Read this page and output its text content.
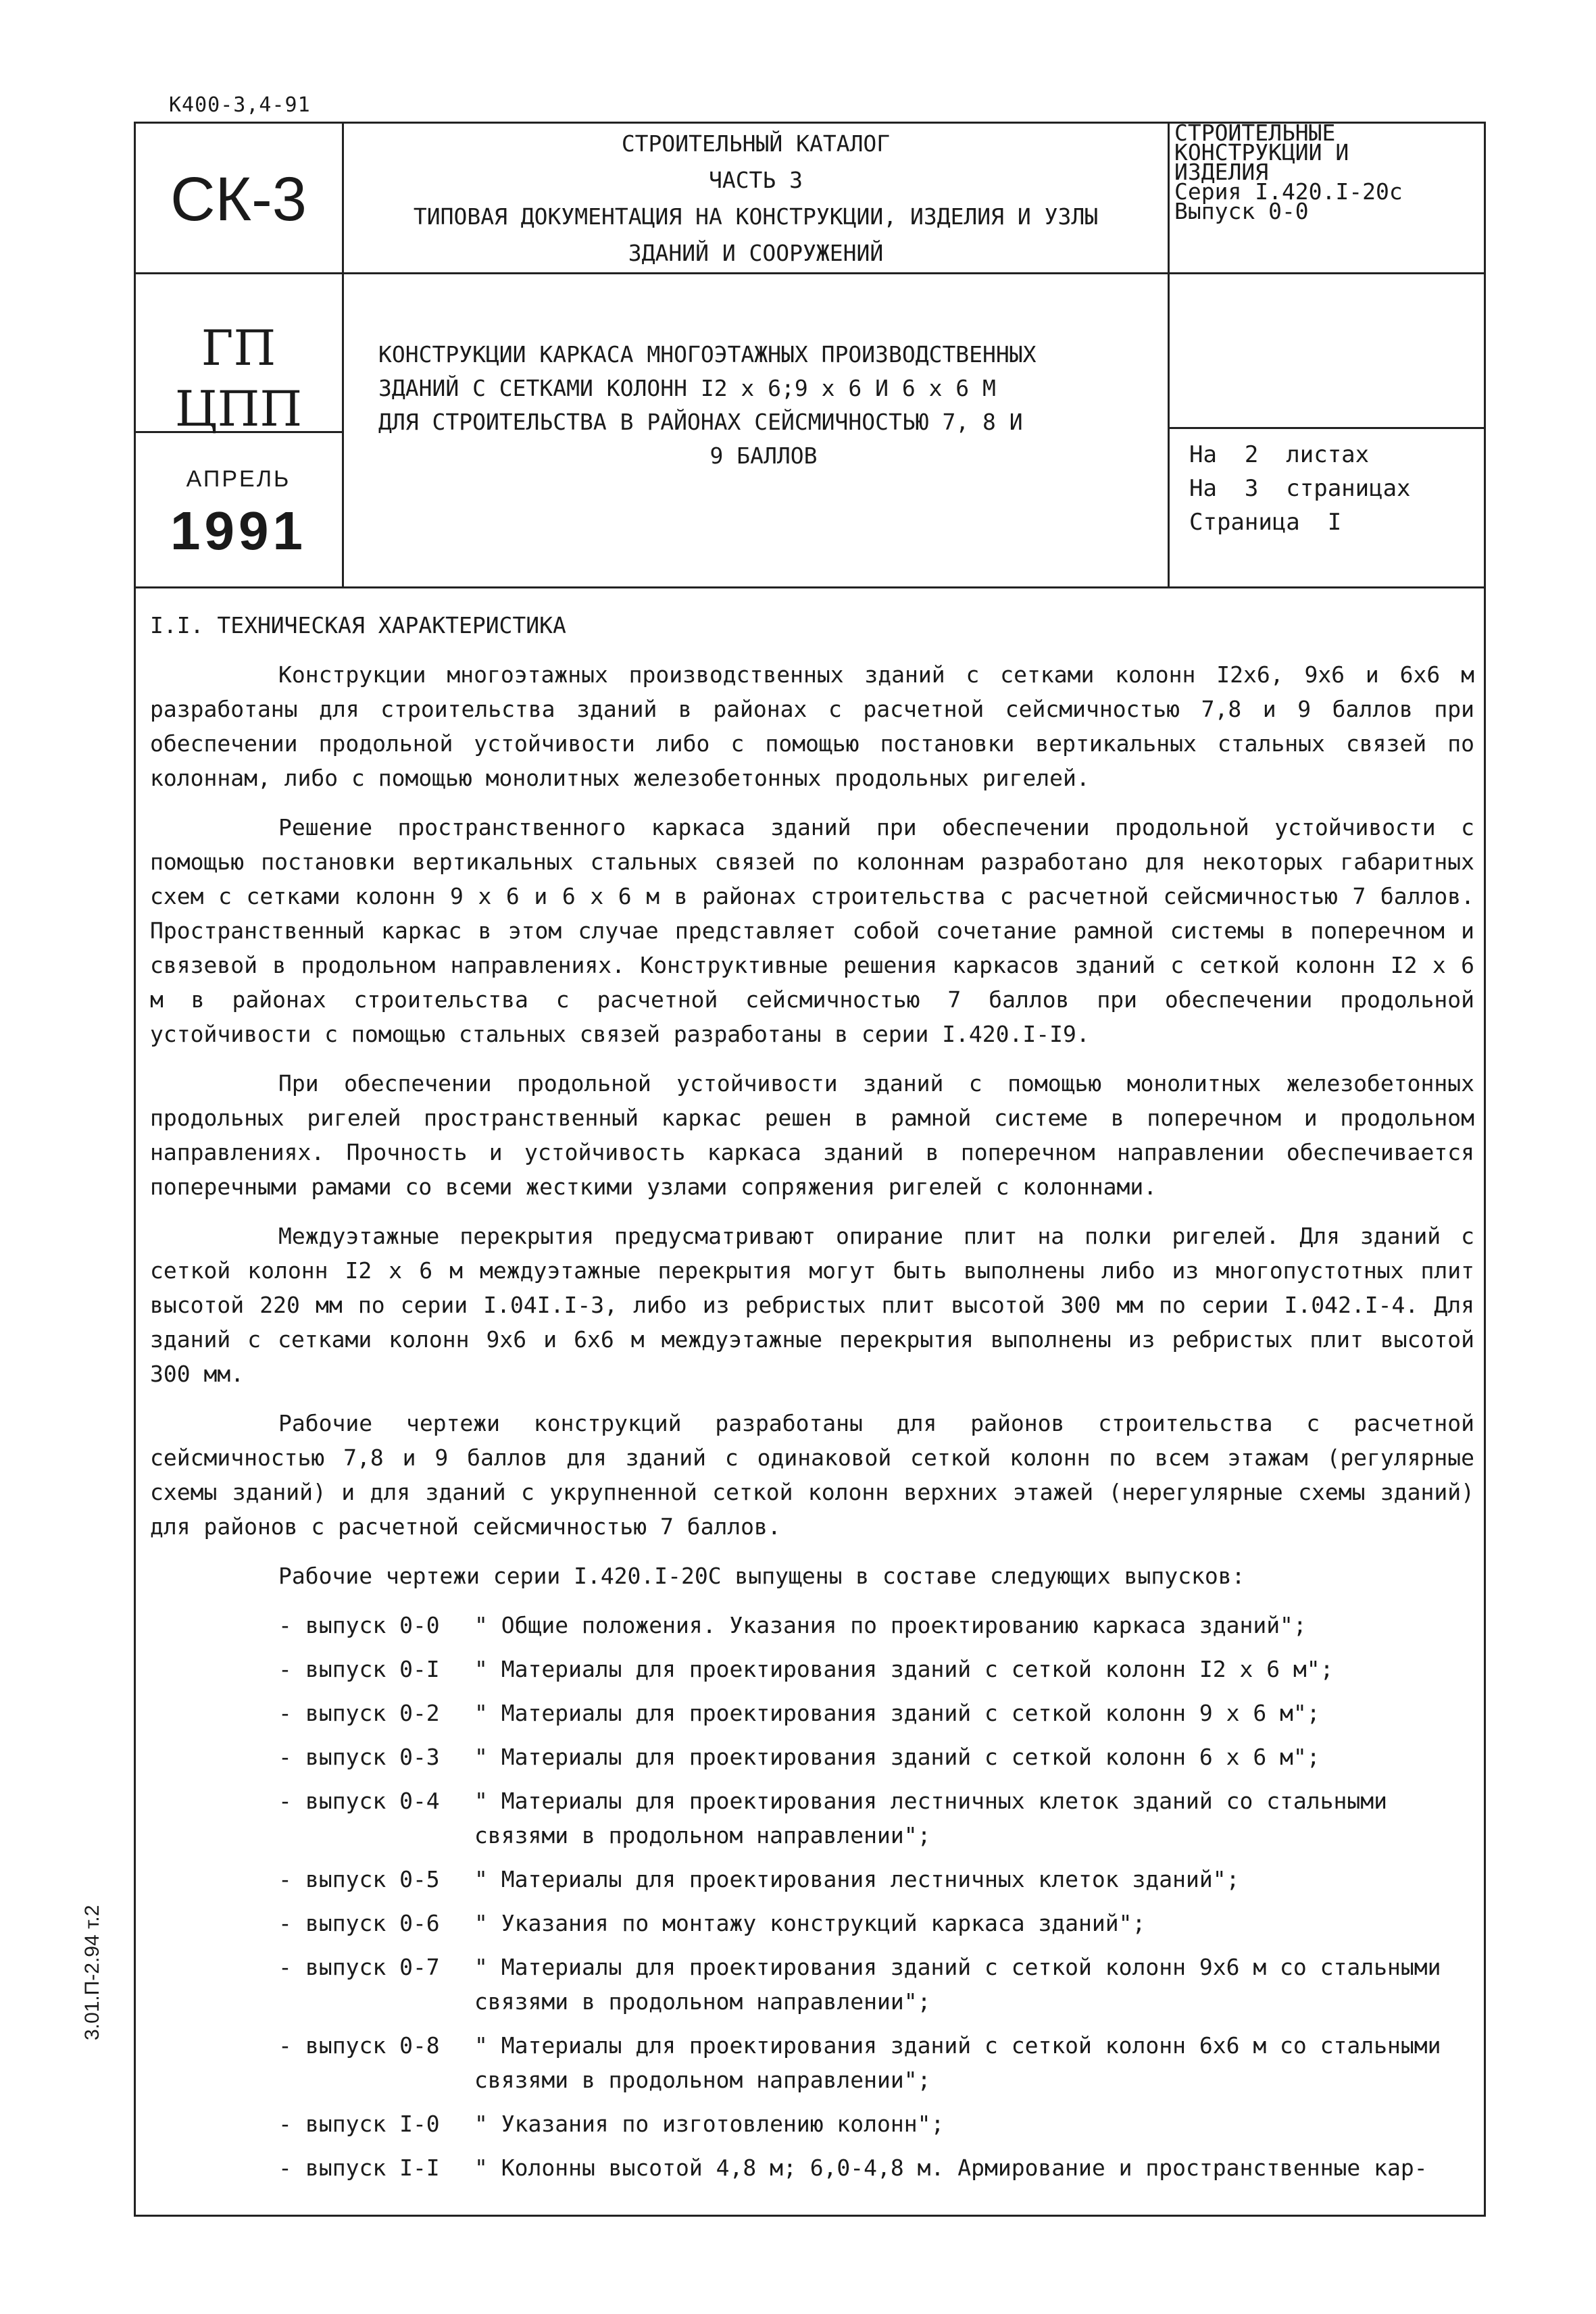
K400-3,4-91
3.01.П-2.94 т.2
СК-3
СТРОИТЕЛЬНЫЙ КАТАЛОГ
ЧАСТЬ 3
ТИПОВАЯ ДОКУМЕНТАЦИЯ НА КОНСТРУКЦИИ, ИЗДЕЛИЯ И УЗЛЫ
ЗДАНИЙ И СООРУЖЕНИЙ
СТРОИТЕЛЬНЫЕ
КОНСТРУКЦИИ И
ИЗДЕЛИЯ
Серия I.420.I-20с
Выпуск 0-0
ГП
ЦПП
АПРЕЛЬ
1991
КОНСТРУКЦИИ КАРКАСА МНОГОЭТАЖНЫХ ПРОИЗВОДСТВЕННЫХ
ЗДАНИЙ С СЕТКАМИ КОЛОНН I2 x 6;9 x 6 И 6 x 6 М
ДЛЯ СТРОИТЕЛЬСТВА В РАЙОНАХ СЕЙСМИЧНОСТЬЮ 7, 8 И
9 БАЛЛОВ	На  2  листах
На  3  страницах
Страница  I
I.I. ТЕХНИЧЕСКАЯ ХАРАКТЕРИСТИКА

Конструкции многоэтажных производственных зданий с сетками колонн I2х6, 9х6 и 6х6 м разработаны для строительства зданий в районах с расчетной сейсмичностью 7,8 и 9 баллов при обеспечении продольной устойчивости либо с помощью постановки вертикальных стальных связей по колоннам, либо с помощью монолитных железобетонных продольных ригелей.

Решение пространственного каркаса зданий при обеспечении продольной устойчивости с помощью постановки вертикальных стальных связей по колоннам разработано для некоторых габаритных схем с сетками колонн 9 х 6 и 6 х 6 м в районах строительства с расчетной сейсмичностью 7 баллов. Пространственный каркас в этом случае представляет собой сочетание рамной системы в поперечном и связевой в продольном направлениях. Конструктивные решения каркасов зданий с сеткой колонн I2 х 6 м в районах строительства с расчетной сейсмичностью 7 баллов при обеспечении продольной устойчивости с помощью стальных связей разработаны в серии I.420.I-I9.

При обеспечении продольной устойчивости зданий с помощью монолитных железобетонных продольных ригелей пространственный каркас решен в рамной системе в поперечном и продольном направлениях. Прочность и устойчивость каркаса зданий в поперечном направлении обеспечивается поперечными рамами со всеми жесткими узлами сопряжения ригелей с колоннами.

Междуэтажные перекрытия предусматривают опирание плит на полки ригелей. Для зданий с сеткой колонн I2 х 6 м междуэтажные перекрытия могут быть выполнены либо из многопустотных плит высотой 220 мм по серии I.04I.I-3, либо из ребристых плит высотой 300 мм по серии I.042.I-4. Для зданий с сетками колонн 9х6 и 6х6 м междуэтажные перекрытия выполнены из ребристых плит высотой 300 мм.

Рабочие чертежи конструкций разработаны для районов строительства с расчетной сейсмичностью 7,8 и 9 баллов для зданий с одинаковой сеткой колонн по всем этажам (регулярные схемы зданий) и для зданий с укрупненной сеткой колонн верхних этажей (нерегулярные схемы зданий) для районов с расчетной сейсмичностью 7 баллов.

Рабочие чертежи серии I.420.I-20С выпущены в составе следующих выпусков:

- выпуск 0-0	" Общие положения. Указания по проектированию каркаса зданий";
- выпуск 0-I	" Материалы для проектирования зданий с сеткой колонн I2 х 6 м";
- выпуск 0-2	" Материалы для проектирования зданий с сеткой колонн 9 х 6 м";
- выпуск 0-3	" Материалы для проектирования зданий с сеткой колонн 6 х 6 м";
- выпуск 0-4	" Материалы для проектирования лестничных клеток зданий со стальными связями в продольном направлении";
- выпуск 0-5	" Материалы для проектирования лестничных клеток зданий";
- выпуск 0-6	" Указания по монтажу конструкций каркаса зданий";
- выпуск 0-7	" Материалы для проектирования зданий с сеткой колонн 9х6 м со стальными связями в продольном направлении";
- выпуск 0-8	" Материалы для проектирования зданий с сеткой колонн 6х6 м со стальными связями в продольном направлении";
- выпуск I-0	" Указания по изготовлению колонн";
- выпуск I-I	" Колонны высотой 4,8 м; 6,0-4,8 м. Армирование и пространственные кар-
